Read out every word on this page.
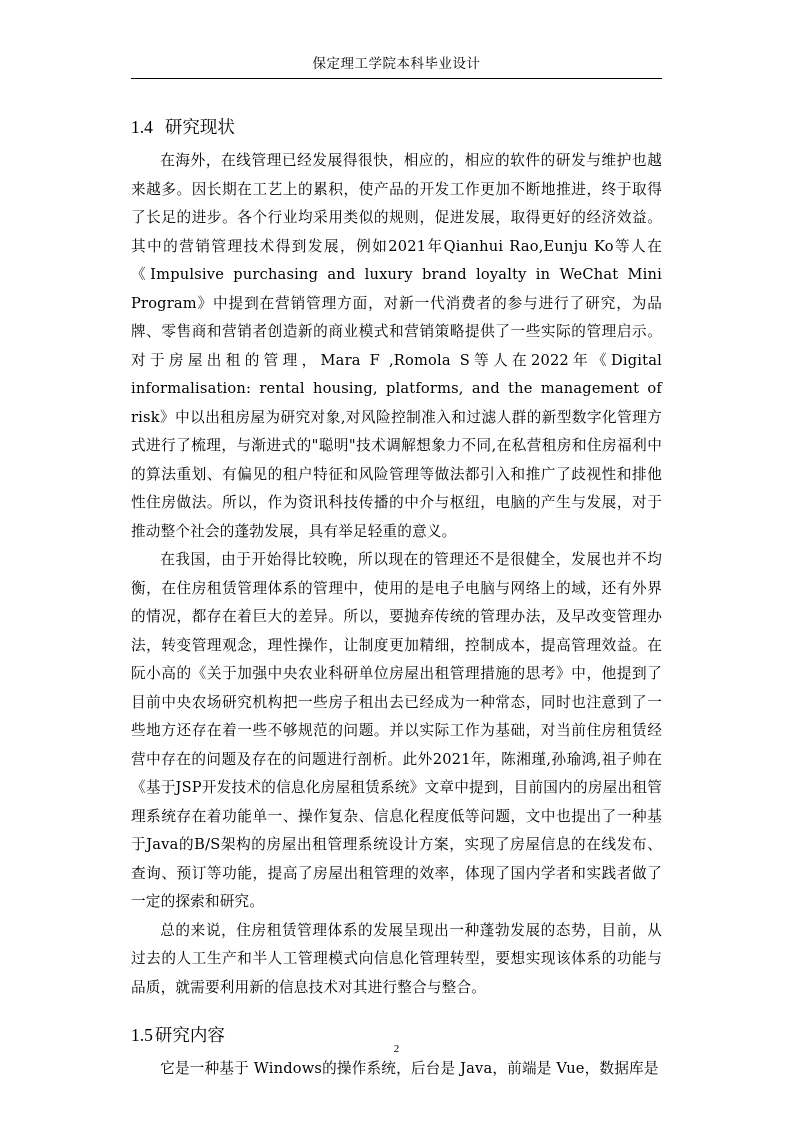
保定理工学院本科毕业设计
1.4 研究现状

在海外，在线管理已经发展得很快，相应的，相应的软件的研发与维护也越来越多。因长期在工艺上的累积，使产品的开发工作更加不断地推进，终于取得了长足的进步。各个行业均采用类似的规则，促进发展，取得更好的经济效益。其中的营销管理技术得到发展，例如2021年Qianhui Rao,Eunju Ko等人在《Impulsive purchasing and luxury brand loyalty in WeChat Mini Program》中提到在营销管理方面，对新一代消费者的参与进行了研究，为品牌、零售商和营销者创造新的商业模式和营销策略提供了一些实际的管理启示。对于房屋出租的管理，Mara F ,Romola S等人在2022年《Digital informalisation: rental housing, platforms, and the management of risk》中以出租房屋为研究对象,对风险控制准入和过滤人群的新型数字化管理方式进行了梳理，与渐进式的"聪明"技术调解想象力不同,在私营租房和住房福利中的算法重划、有偏见的租户特征和风险管理等做法都引入和推广了歧视性和排他性住房做法。所以，作为资讯科技传播的中介与枢纽，电脑的产生与发展，对于推动整个社会的蓬勃发展，具有举足轻重的意义。

在我国，由于开始得比较晚，所以现在的管理还不是很健全，发展也并不均衡，在住房租赁管理体系的管理中，使用的是电子电脑与网络上的域，还有外界的情况，都存在着巨大的差异。所以，要抛弃传统的管理办法，及早改变管理办法，转变管理观念，理性操作，让制度更加精细，控制成本，提高管理效益。在阮小高的《关于加强中央农业科研单位房屋出租管理措施的思考》中，他提到了目前中央农场研究机构把一些房子租出去已经成为一种常态，同时也注意到了一些地方还存在着一些不够规范的问题。并以实际工作为基础，对当前住房租赁经营中存在的问题及存在的问题进行剖析。此外2021年，陈湘瑾,孙瑜鸿,祖子帅在《基于JSP开发技术的信息化房屋租赁系统》文章中提到，目前国内的房屋出租管理系统存在着功能单一、操作复杂、信息化程度低等问题，文中也提出了一种基于Java的B/S架构的房屋出租管理系统设计方案，实现了房屋信息的在线发布、查询、预订等功能，提高了房屋出租管理的效率，体现了国内学者和实践者做了一定的探索和研究。

总的来说，住房租赁管理体系的发展呈现出一种蓬勃发展的态势，目前，从过去的人工生产和半人工管理模式向信息化管理转型，要想实现该体系的功能与品质，就需要利用新的信息技术对其进行整合与整合。

1.5 研究内容

它是一种基于 Windows的操作系统，后台是 Java，前端是 Vue，数据库是

2
